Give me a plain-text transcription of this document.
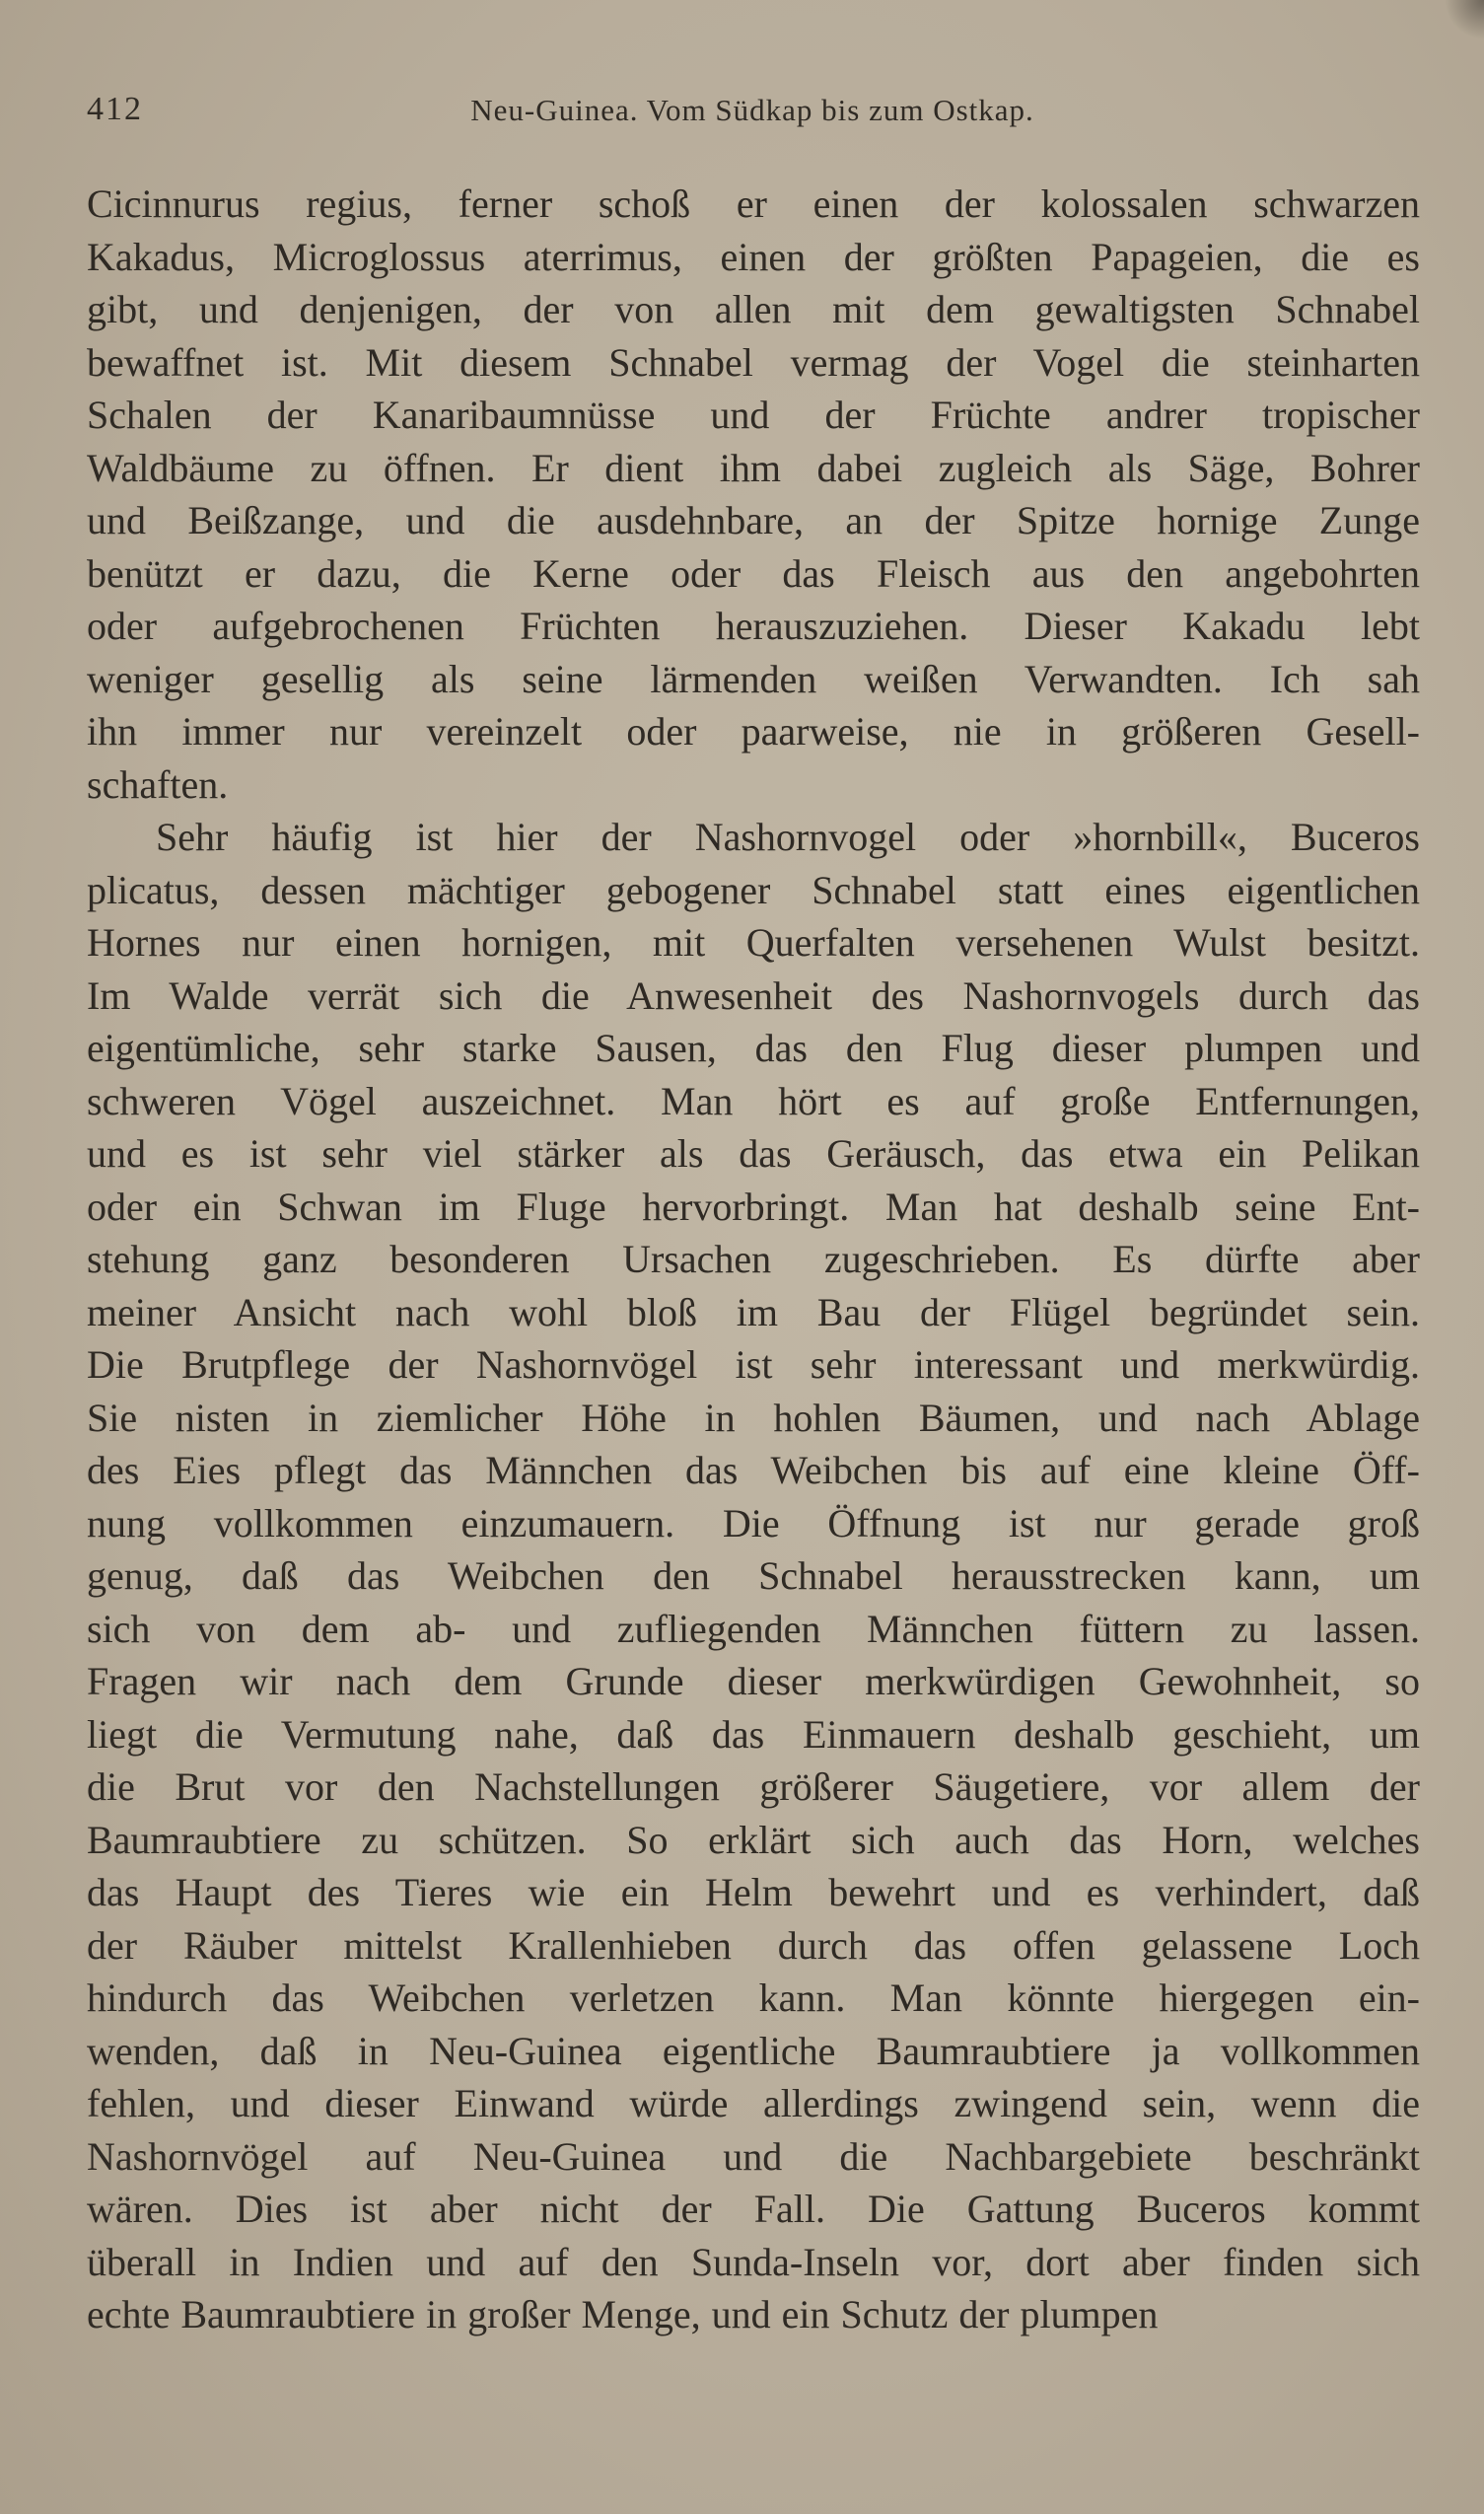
412	Neu-Guinea. Vom Südkap bis zum Ostkap.
Cicinnurus regius, ferner schoß er einen der kolossalen schwarzen
Kakadus, Microglossus aterrimus, einen der größten Papageien, die es
gibt, und denjenigen, der von allen mit dem gewaltigsten Schnabel
bewaffnet ist. Mit diesem Schnabel vermag der Vogel die steinharten
Schalen der Kanaribaumnüsse und der Früchte andrer tropischer
Waldbäume zu öffnen. Er dient ihm dabei zugleich als Säge, Bohrer
und Beißzange, und die ausdehnbare, an der Spitze hornige Zunge
benützt er dazu, die Kerne oder das Fleisch aus den angebohrten
oder aufgebrochenen Früchten herauszuziehen. Dieser Kakadu lebt
weniger gesellig als seine lärmenden weißen Verwandten. Ich sah
ihn immer nur vereinzelt oder paarweise, nie in größeren Gesell-
schaften.
Sehr häufig ist hier der Nashornvogel oder »hornbill«, Buceros
plicatus, dessen mächtiger gebogener Schnabel statt eines eigentlichen
Hornes nur einen hornigen, mit Querfalten versehenen Wulst besitzt.
Im Walde verrät sich die Anwesenheit des Nashornvogels durch das
eigentümliche, sehr starke Sausen, das den Flug dieser plumpen und
schweren Vögel auszeichnet. Man hört es auf große Entfernungen,
und es ist sehr viel stärker als das Geräusch, das etwa ein Pelikan
oder ein Schwan im Fluge hervorbringt. Man hat deshalb seine Ent-
stehung ganz besonderen Ursachen zugeschrieben. Es dürfte aber
meiner Ansicht nach wohl bloß im Bau der Flügel begründet sein.
Die Brutpflege der Nashornvögel ist sehr interessant und merkwürdig.
Sie nisten in ziemlicher Höhe in hohlen Bäumen, und nach Ablage
des Eies pflegt das Männchen das Weibchen bis auf eine kleine Öff-
nung vollkommen einzumauern. Die Öffnung ist nur gerade groß
genug, daß das Weibchen den Schnabel herausstrecken kann, um
sich von dem ab- und zufliegenden Männchen füttern zu lassen.
Fragen wir nach dem Grunde dieser merkwürdigen Gewohnheit, so
liegt die Vermutung nahe, daß das Einmauern deshalb geschieht, um
die Brut vor den Nachstellungen größerer Säugetiere, vor allem der
Baumraubtiere zu schützen. So erklärt sich auch das Horn, welches
das Haupt des Tieres wie ein Helm bewehrt und es verhindert, daß
der Räuber mittelst Krallenhieben durch das offen gelassene Loch
hindurch das Weibchen verletzen kann. Man könnte hiergegen ein-
wenden, daß in Neu-Guinea eigentliche Baumraubtiere ja vollkommen
fehlen, und dieser Einwand würde allerdings zwingend sein, wenn die
Nashornvögel auf Neu-Guinea und die Nachbargebiete beschränkt
wären. Dies ist aber nicht der Fall. Die Gattung Buceros kommt
überall in Indien und auf den Sunda-Inseln vor, dort aber finden sich
echte Baumraubtiere in großer Menge, und ein Schutz der plumpen
